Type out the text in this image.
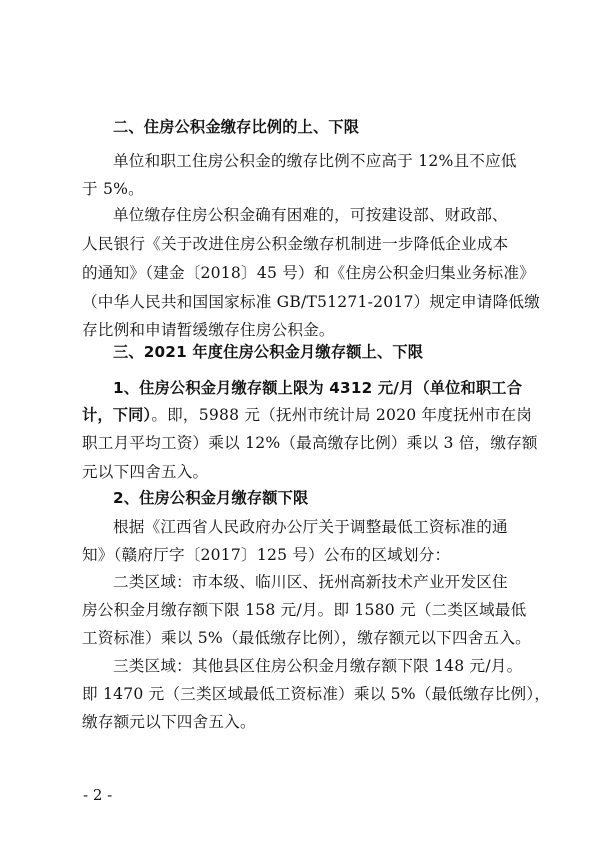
二、住房公积金缴存比例的上、下限
单位和职工住房公积金的缴存比例不应高于 12%且不应低
于 5%。
单位缴存住房公积金确有困难的，可按建设部、财政部、
人民银行《关于改进住房公积金缴存机制进一步降低企业成本
的通知》（建金〔2018〕45 号）和《住房公积金归集业务标准》
（中华人民共和国国家标准 GB/T51271-2017）规定申请降低缴
存比例和申请暂缓缴存住房公积金。
三、2021 年度住房公积金月缴存额上、下限
1、住房公积金月缴存额上限为 4312 元/月（单位和职工合
计，下同）。即，5988 元（抚州市统计局 2020 年度抚州市在岗
职工月平均工资）乘以 12%（最高缴存比例）乘以 3 倍，缴存额
元以下四舍五入。
2、住房公积金月缴存额下限
根据《江西省人民政府办公厅关于调整最低工资标准的通
知》（赣府厅字〔2017〕125 号）公布的区域划分：
二类区域：市本级、临川区、抚州高新技术产业开发区住
房公积金月缴存额下限 158 元/月。即 1580 元（二类区域最低
工资标准）乘以 5%（最低缴存比例），缴存额元以下四舍五入。
三类区域：其他县区住房公积金月缴存额下限 148 元/月。
即 1470 元（三类区域最低工资标准）乘以 5%（最低缴存比例），
缴存额元以下四舍五入。
- 2 -
